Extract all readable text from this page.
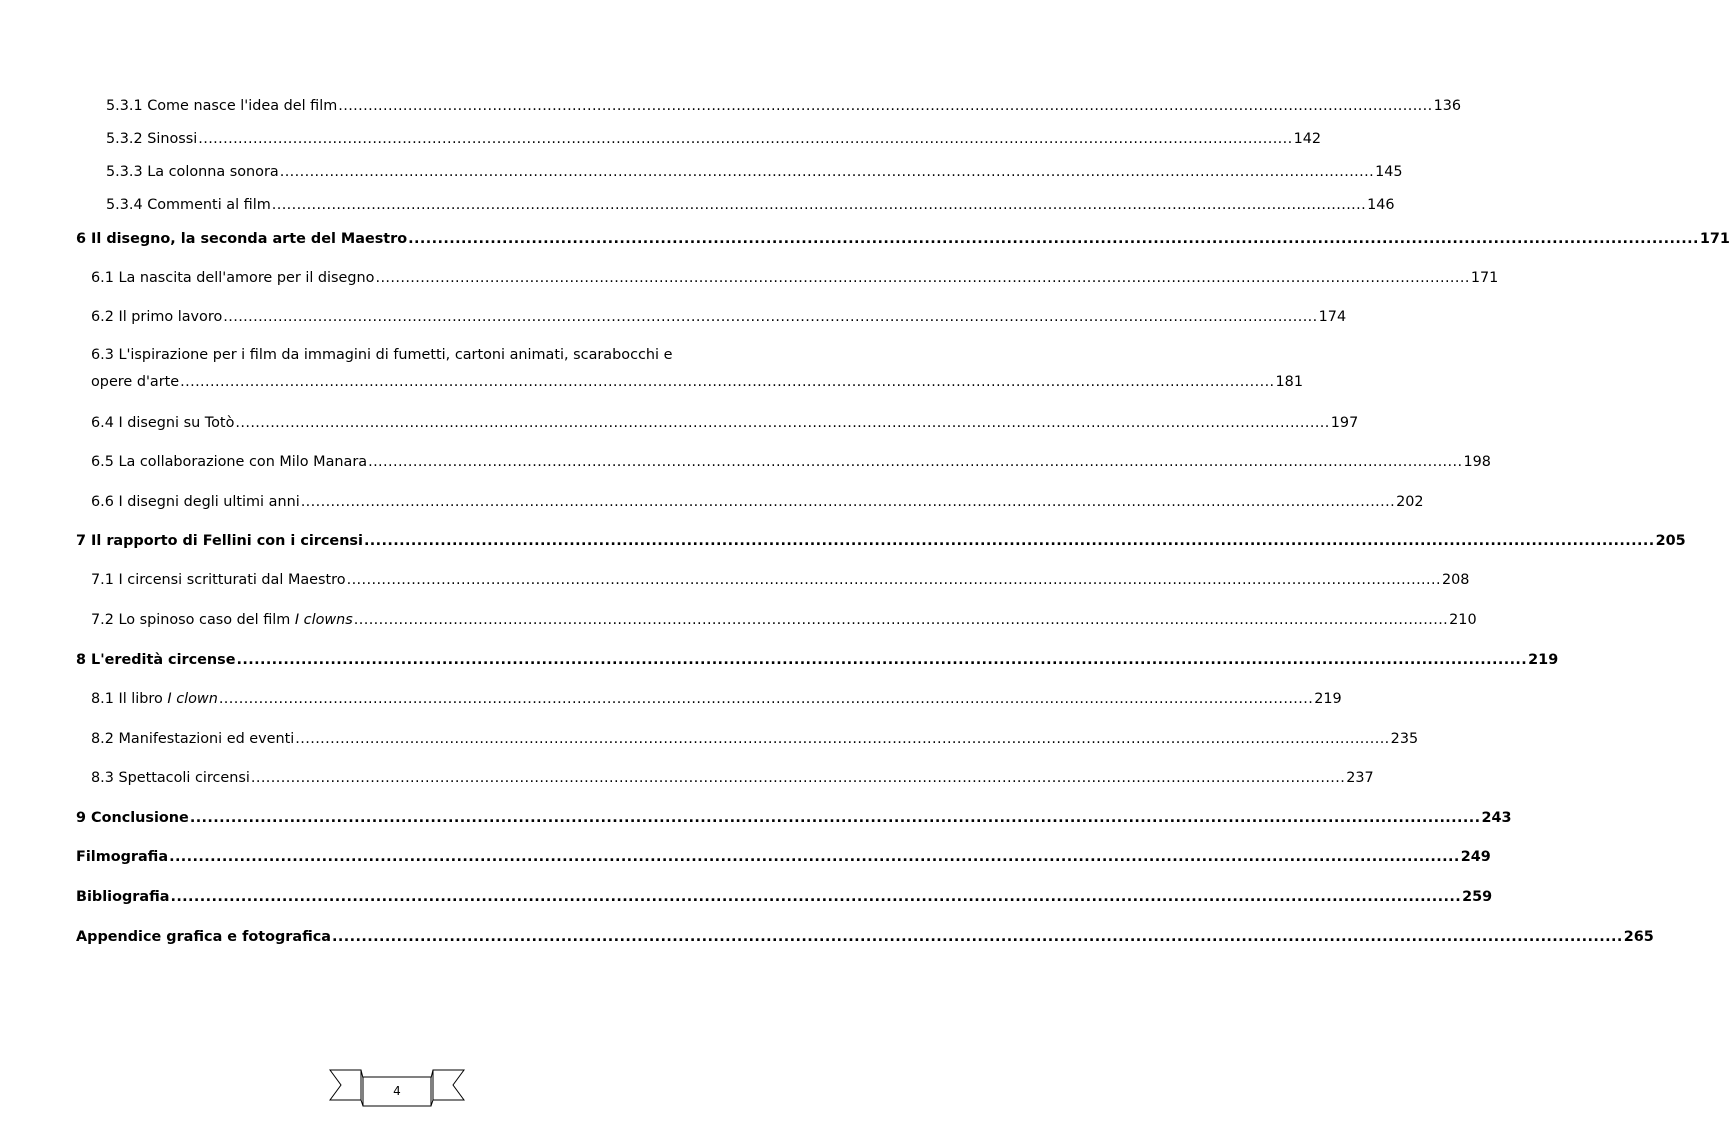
5.3.1 Come nasce l'idea del film ............................................................................................................................................................................................................................ 136
5.3.2 Sinossi ............................................................................................................................................................................................................................ 142
5.3.3 La colonna sonora ............................................................................................................................................................................................................................ 145
5.3.4 Commenti al film ............................................................................................................................................................................................................................ 146
6 Il disegno, la seconda arte del Maestro ............................................................................................................................................................................................................................ 171
6.1 La nascita dell'amore per il disegno ............................................................................................................................................................................................................................ 171
6.2 Il primo lavoro ............................................................................................................................................................................................................................ 174
6.3 L'ispirazione per i film da immagini di fumetti, cartoni animati, scarabocchi e
opere d'arte ............................................................................................................................................................................................................................ 181
6.4 I disegni su Totò ............................................................................................................................................................................................................................ 197
6.5 La collaborazione con Milo Manara ............................................................................................................................................................................................................................ 198
6.6 I disegni degli ultimi anni ............................................................................................................................................................................................................................ 202
7 Il rapporto di Fellini con i circensi ............................................................................................................................................................................................................................ 205
7.1 I circensi scritturati dal Maestro ............................................................................................................................................................................................................................ 208
7.2 Lo spinoso caso del film I clowns ............................................................................................................................................................................................................................ 210
8 L'eredità circense ............................................................................................................................................................................................................................ 219
8.1 Il libro I clown ............................................................................................................................................................................................................................ 219
8.2 Manifestazioni ed eventi ............................................................................................................................................................................................................................ 235
8.3 Spettacoli circensi ............................................................................................................................................................................................................................ 237
9 Conclusione ............................................................................................................................................................................................................................ 243
Filmografia ............................................................................................................................................................................................................................ 249
Bibliografia ............................................................................................................................................................................................................................ 259
Appendice grafica e fotografica ............................................................................................................................................................................................................................ 265
4
